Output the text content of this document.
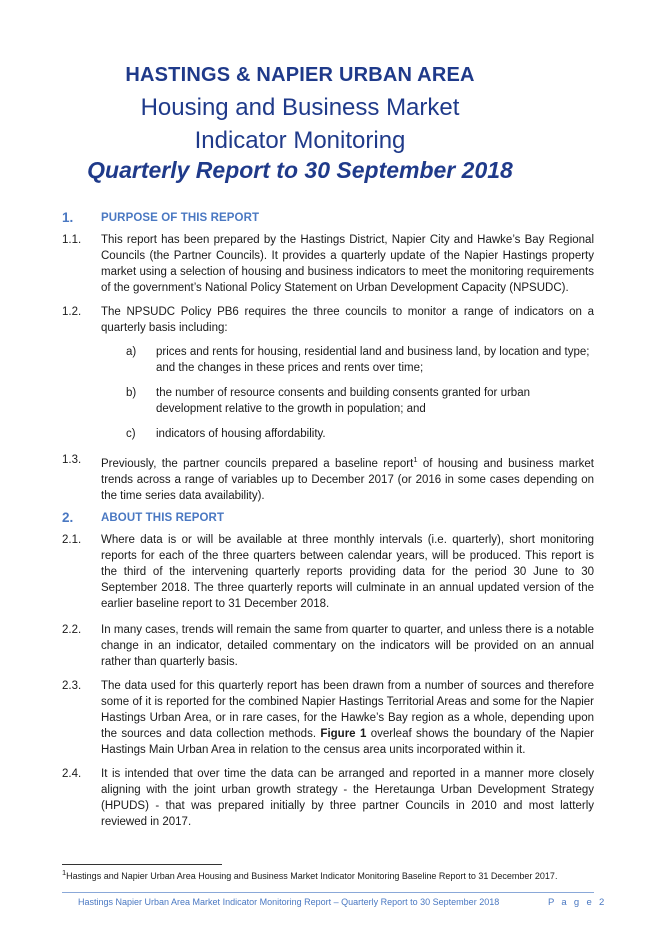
HASTINGS & NAPIER URBAN AREA
Housing and Business Market
Indicator Monitoring
Quarterly Report to 30 September 2018
1. PURPOSE OF THIS REPORT
1.1. This report has been prepared by the Hastings District, Napier City and Hawke’s Bay Regional Councils (the Partner Councils). It provides a quarterly update of the Napier Hastings property market using a selection of housing and business indicators to meet the monitoring requirements of the government’s National Policy Statement on Urban Development Capacity (NPSUDC).
1.2. The NPSUDC Policy PB6 requires the three councils to monitor a range of indicators on a quarterly basis including:
a) prices and rents for housing, residential land and business land, by location and type; and the changes in these prices and rents over time;
b) the number of resource consents and building consents granted for urban development relative to the growth in population; and
c) indicators of housing affordability.
1.3. Previously, the partner councils prepared a baseline report$^1$ of housing and business market trends across a range of variables up to December 2017 (or 2016 in some cases depending on the time series data availability).
2. ABOUT THIS REPORT
2.1. Where data is or will be available at three monthly intervals (i.e. quarterly), short monitoring reports for each of the three quarters between calendar years, will be produced. This report is the third of the intervening quarterly reports providing data for the period 30 June to 30 September 2018. The three quarterly reports will culminate in an annual updated version of the earlier baseline report to 31 December 2018.
2.2. In many cases, trends will remain the same from quarter to quarter, and unless there is a notable change in an indicator, detailed commentary on the indicators will be provided on an annual rather than quarterly basis.
2.3. The data used for this quarterly report has been drawn from a number of sources and therefore some of it is reported for the combined Napier Hastings Territorial Areas and some for the Napier Hastings Urban Area, or in rare cases, for the Hawke’s Bay region as a whole, depending upon the sources and data collection methods. Figure 1 overleaf shows the boundary of the Napier Hastings Main Urban Area in relation to the census area units incorporated within it.
2.4. It is intended that over time the data can be arranged and reported in a manner more closely aligning with the joint urban growth strategy - the Heretaunga Urban Development Strategy (HPUDS) - that was prepared initially by three partner Councils in 2010 and most latterly reviewed in 2017.
$^1$Hastings and Napier Urban Area Housing and Business Market Indicator Monitoring Baseline Report to 31 December 2017.
Hastings Napier Urban Area Market Indicator Monitoring Report – Quarterly Report to 30 September 2018	P a g e 2
